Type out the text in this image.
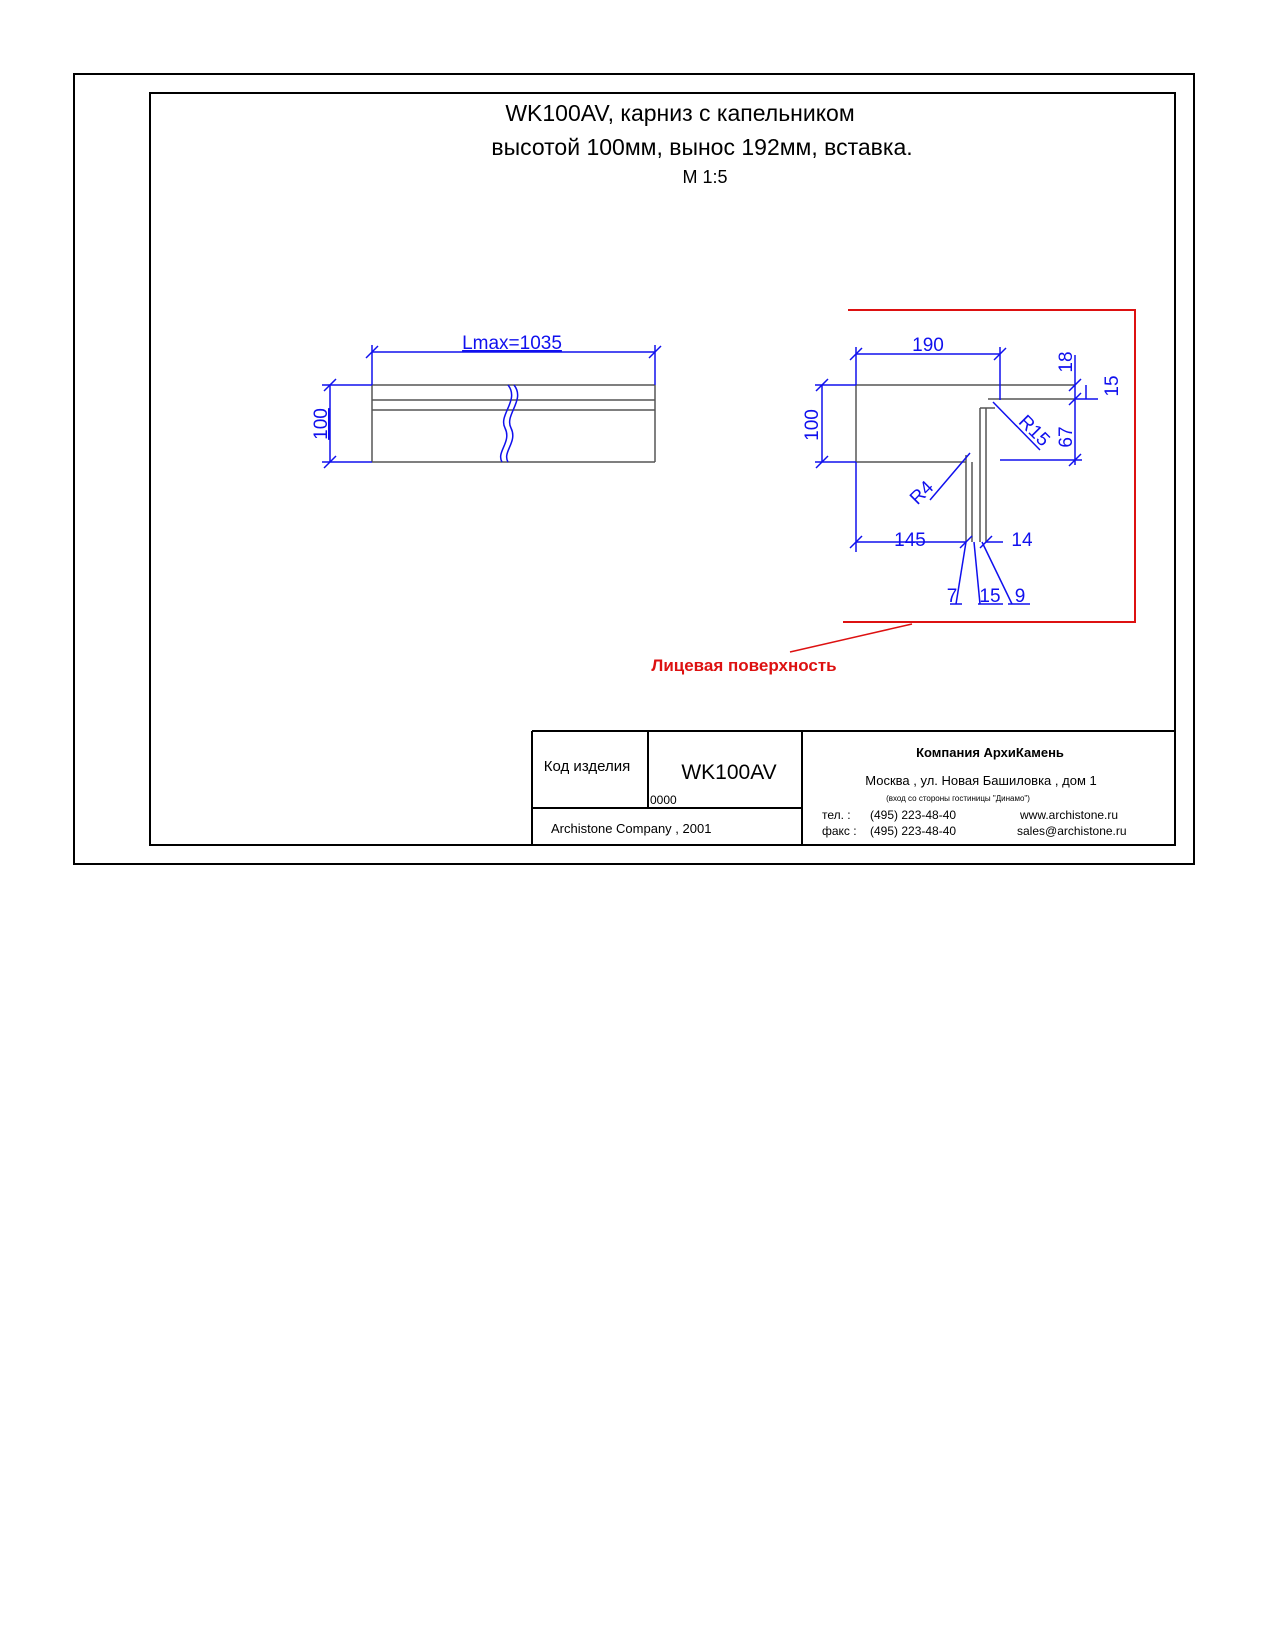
WK100AV, карниз с капельником
высотой 100мм, вынос 192мм, вставка.
М 1:5
Lmax=1035
100
190
100
18
15
67
R15
R4
145	14
7 15 9
Лицевая поверхность
Код изделия WK100AV
0000
Archistone Company , 2001
Компания АрхиКамень
Москва , ул. Новая Башиловка , дом 1
(вход со стороны гостиницы "Динамо")
тел. : (495) 223-48-40
факс : (495) 223-48-40
www.archistone.ru
sales@archistone.ru
